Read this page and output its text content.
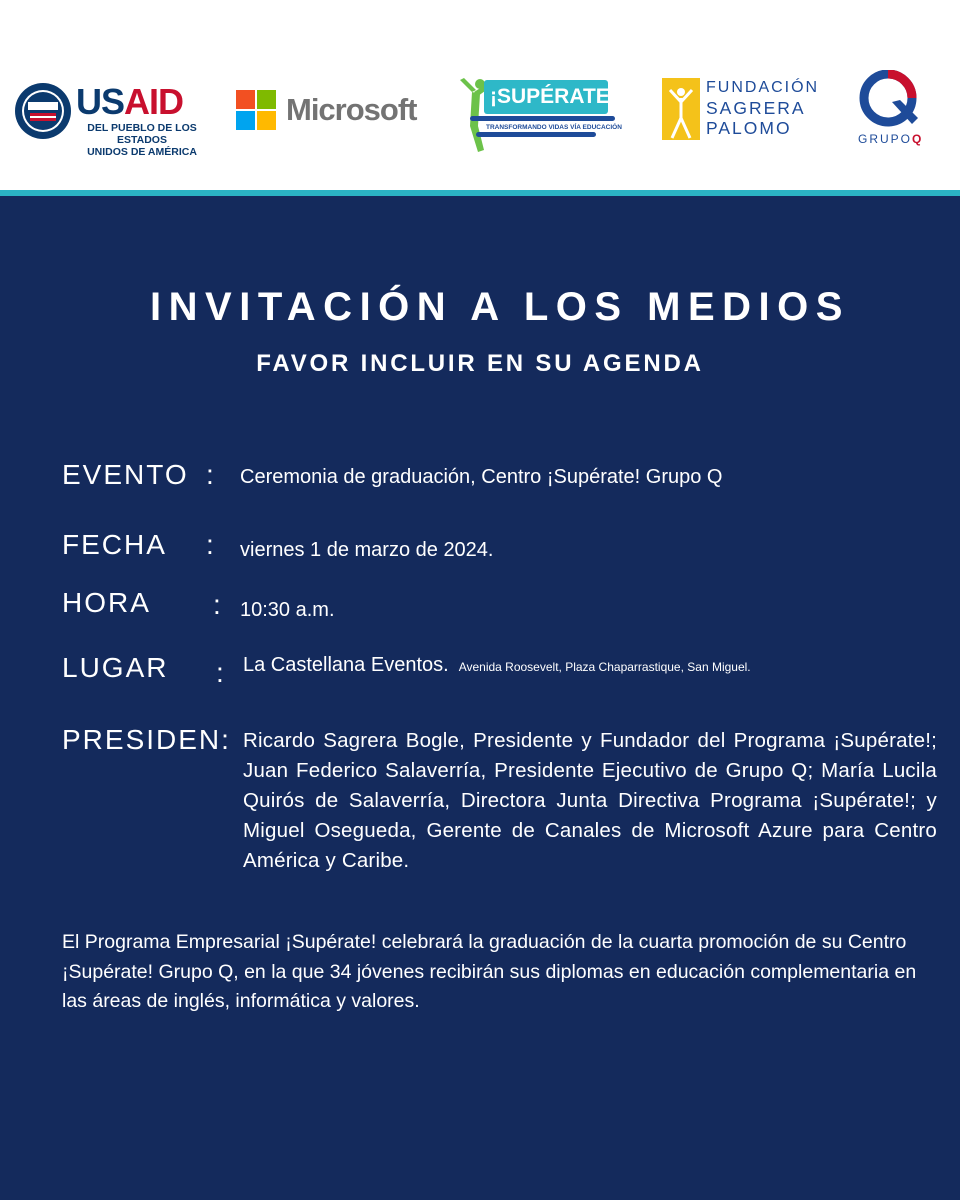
USAID
DEL PUEBLO DE LOS ESTADOS
UNIDOS DE AMÉRICA
Microsoft	¡SUPÉRATE!
TRANSFORMANDO VIDAS VÍA EDUCACIÓN
FUNDACIÓN
SAGRERA
PALOMO
GRUPOQ
INVITACIÓN A LOS MEDIOS
FAVOR INCLUIR EN SU AGENDA
EVENTO : Ceremonia de graduación, Centro ¡Supérate! Grupo Q
FECHA : viernes 1 de marzo de 2024.
HORA : 10:30 a.m.
LUGAR : La Castellana Eventos. Avenida Roosevelt, Plaza Chaparrastique, San Miguel.
PRESIDEN: Ricardo Sagrera Bogle, Presidente y Fundador del Programa ¡Supérate!; Juan Federico Salaverría, Presidente Ejecutivo de Grupo Q; María Lucila Quirós de Salaverría, Directora Junta Directiva Programa ¡Supérate!; y Miguel Osegueda, Gerente de Canales de Microsoft Azure para Centro América y Caribe.
El Programa Empresarial ¡Supérate! celebrará la graduación de la cuarta promoción de su Centro ¡Supérate! Grupo Q, en la que 34 jóvenes recibirán sus diplomas en educación complementaria en las áreas de inglés, informática y valores.
